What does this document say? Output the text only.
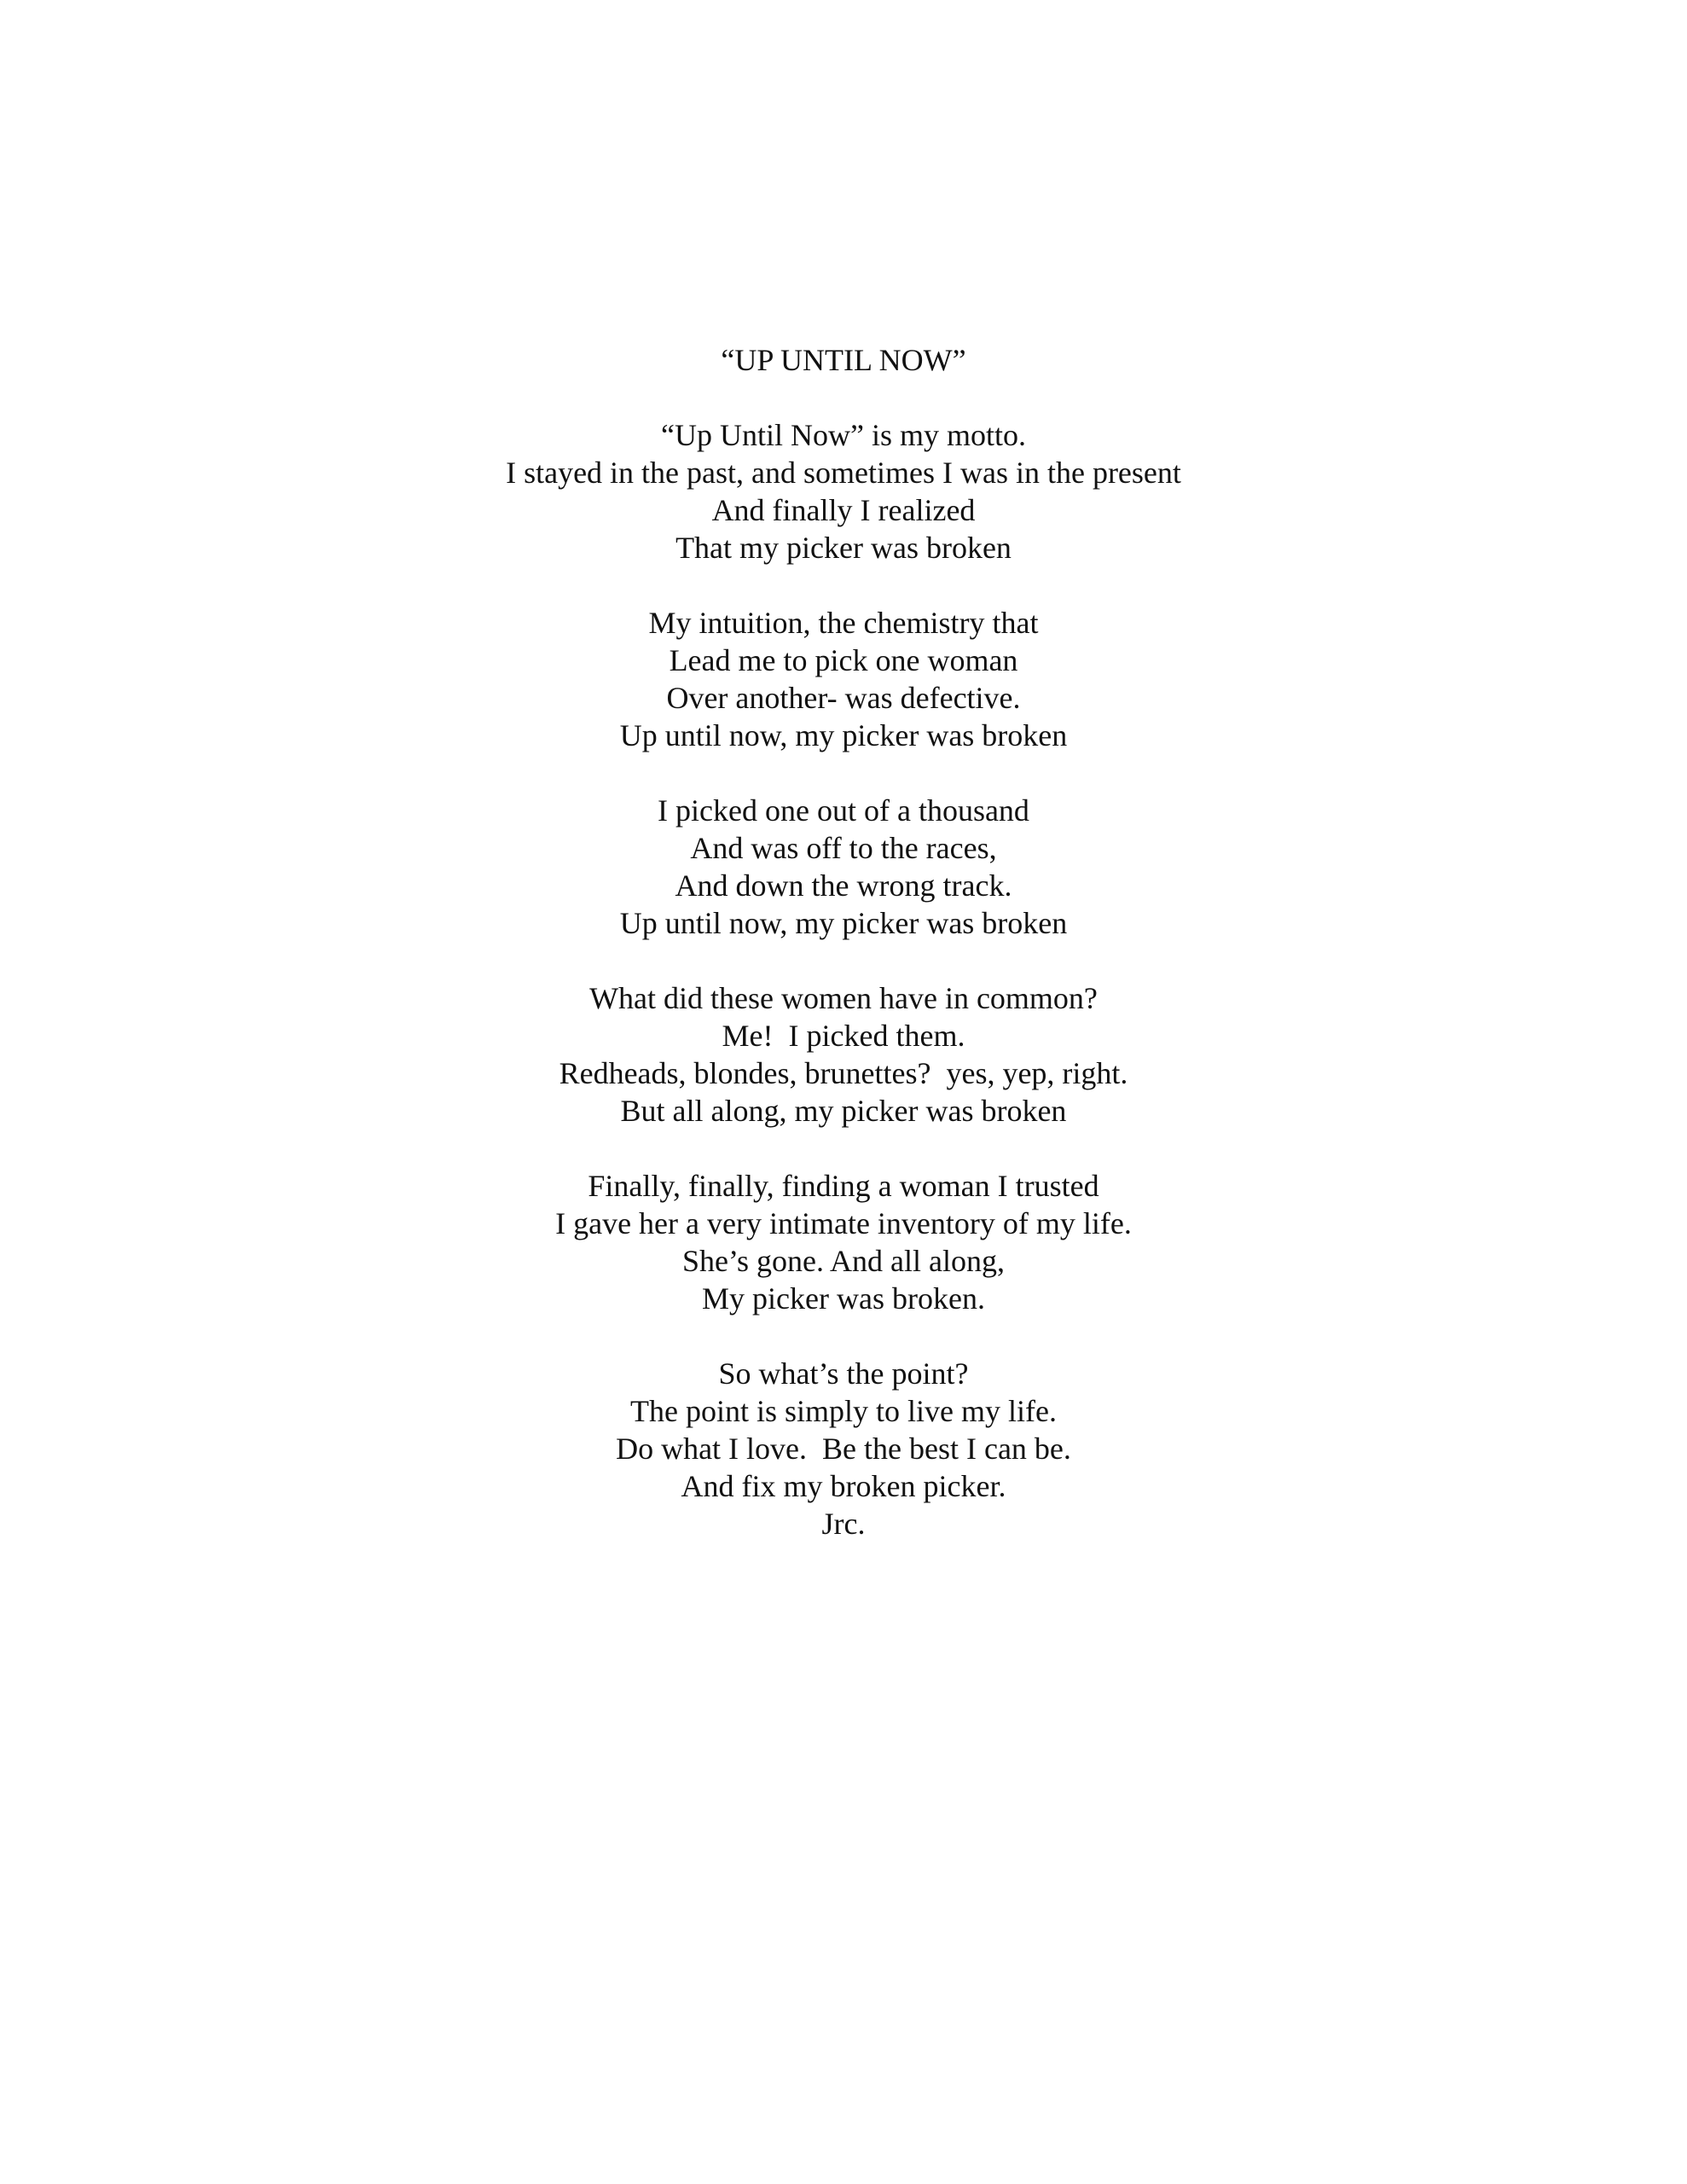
“UP UNTIL NOW”
“Up Until Now” is my motto.
I stayed in the past, and sometimes I was in the present
And finally I realized
That my picker was broken
My intuition, the chemistry that
Lead me to pick one woman
Over another- was defective.
Up until now, my picker was broken
I picked one out of a thousand
And was off to the races,
And down the wrong track.
Up until now, my picker was broken
What did these women have in common?
Me!  I picked them.
Redheads, blondes, brunettes?  yes, yep, right.
But all along, my picker was broken
Finally, finally, finding a woman I trusted
I gave her a very intimate inventory of my life.
She’s gone. And all along,
My picker was broken.
So what’s the point?
The point is simply to live my life.
Do what I love.  Be the best I can be.
And fix my broken picker.
Jrc.
